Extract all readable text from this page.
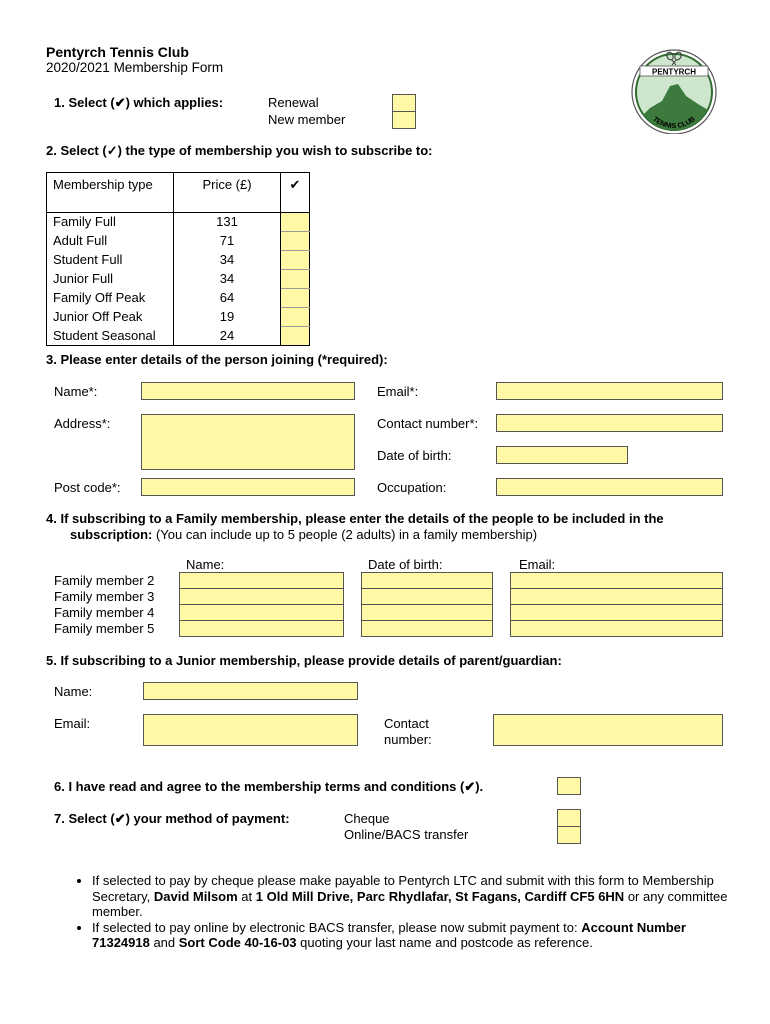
Pentyrch Tennis Club
2020/2021 Membership Form	PENTYRCH
TENNIS CLUB
1. Select (✔) which applies:	Renewal
New member
2. Select (✓) the type of membership you wish to subscribe to:
Membership type	Price (£)	✔
Family Full	131	
Adult Full	71	
Student Full	34	
Junior Full	34	
Family Off Peak	64	
Junior Off Peak	19	
Student Seasonal	24	
3. Please enter details of the person joining (*required):
Name*:	Email*:
Address*:	Contact number*:
Date of birth:
Post code*:	Occupation:
4. If subscribing to a Family membership, please enter the details of the people to be included in the
subscription: (You can include up to 5 people (2 adults) in a family membership)
Name:	Date of birth:	Email:
Family member 2
Family member 3
Family member 4
Family member 5
5. If subscribing to a Junior membership, please provide details of parent/guardian:
Name:
Email:	Contact
number:
6. I have read and agree to the membership terms and conditions (✔).
7. Select (✔) your method of payment:	Cheque
Online/BACS transfer
• If selected to pay by cheque please make payable to Pentyrch LTC and submit with this form to Membership Secretary, David Milsom at 1 Old Mill Drive, Parc Rhydlafar, St Fagans, Cardiff CF5 6HN or any committee member.
• If selected to pay online by electronic BACS transfer, please now submit payment to: Account Number 71324918 and Sort Code 40-16-03 quoting your last name and postcode as reference.
